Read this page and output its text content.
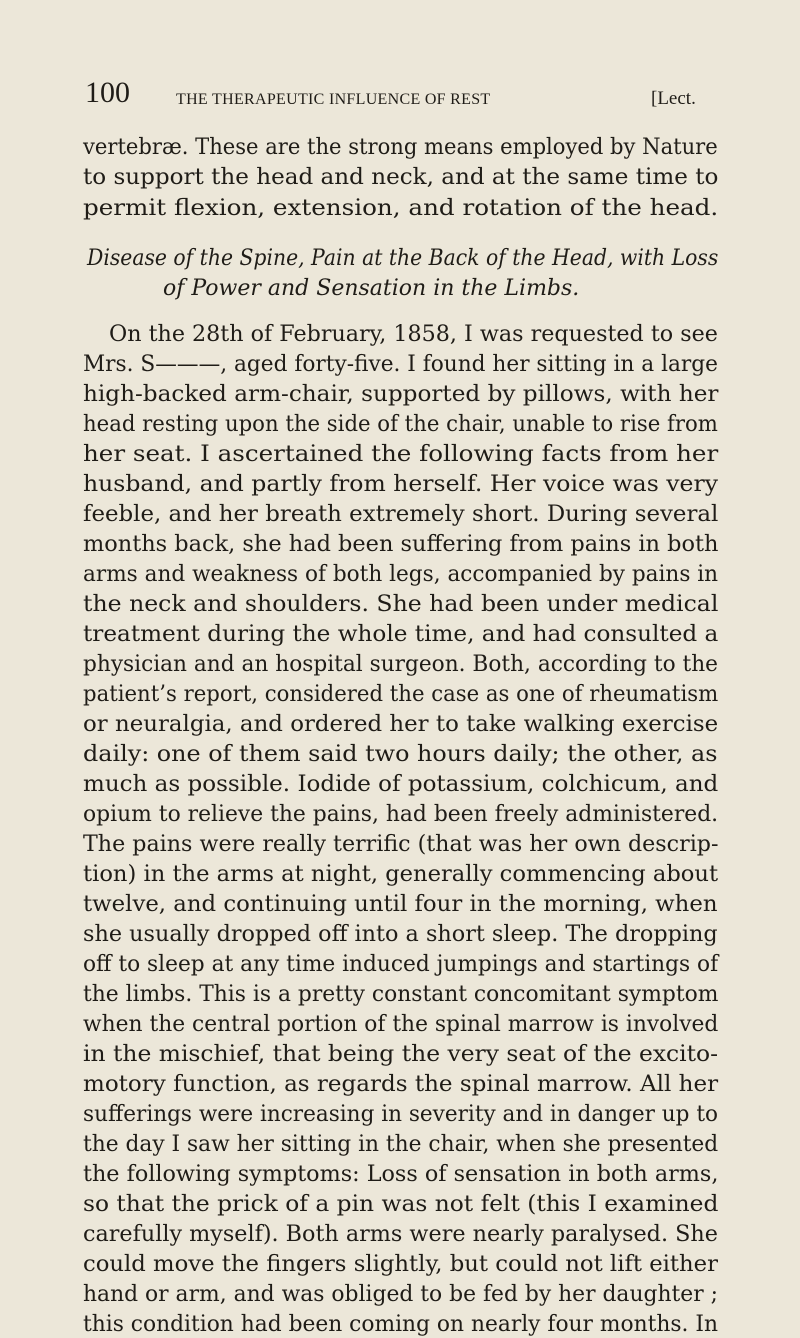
100	THE THERAPEUTIC INFLUENCE OF REST	[Lect.
vertebræ. These are the strong means employed by Nature
to support the head and neck, and at the same time to
permit flexion, extension, and rotation of the head.
Disease of the Spine, Pain at the Back of the Head, with Loss
of Power and Sensation in the Limbs.
On the 28th of February, 1858, I was requested to see
Mrs. S———, aged forty-five. I found her sitting in a large
high-backed arm-chair, supported by pillows, with her
head resting upon the side of the chair, unable to rise from
her seat. I ascertained the following facts from her
husband, and partly from herself. Her voice was very
feeble, and her breath extremely short. During several
months back, she had been suffering from pains in both
arms and weakness of both legs, accompanied by pains in
the neck and shoulders. She had been under medical
treatment during the whole time, and had consulted a
physician and an hospital surgeon. Both, according to the
patient’s report, considered the case as one of rheumatism
or neuralgia, and ordered her to take walking exercise
daily: one of them said two hours daily; the other, as
much as possible. Iodide of potassium, colchicum, and
opium to relieve the pains, had been freely administered.
The pains were really terrific (that was her own descrip-
tion) in the arms at night, generally commencing about
twelve, and continuing until four in the morning, when
she usually dropped off into a short sleep. The dropping
off to sleep at any time induced jumpings and startings of
the limbs. This is a pretty constant concomitant symptom
when the central portion of the spinal marrow is involved
in the mischief, that being the very seat of the excito-
motory function, as regards the spinal marrow. All her
sufferings were increasing in severity and in danger up to
the day I saw her sitting in the chair, when she presented
the following symptoms: Loss of sensation in both arms,
so that the prick of a pin was not felt (this I examined
carefully myself). Both arms were nearly paralysed. She
could move the fingers slightly, but could not lift either
hand or arm, and was obliged to be fed by her daughter ;
this condition had been coming on nearly four months. In
